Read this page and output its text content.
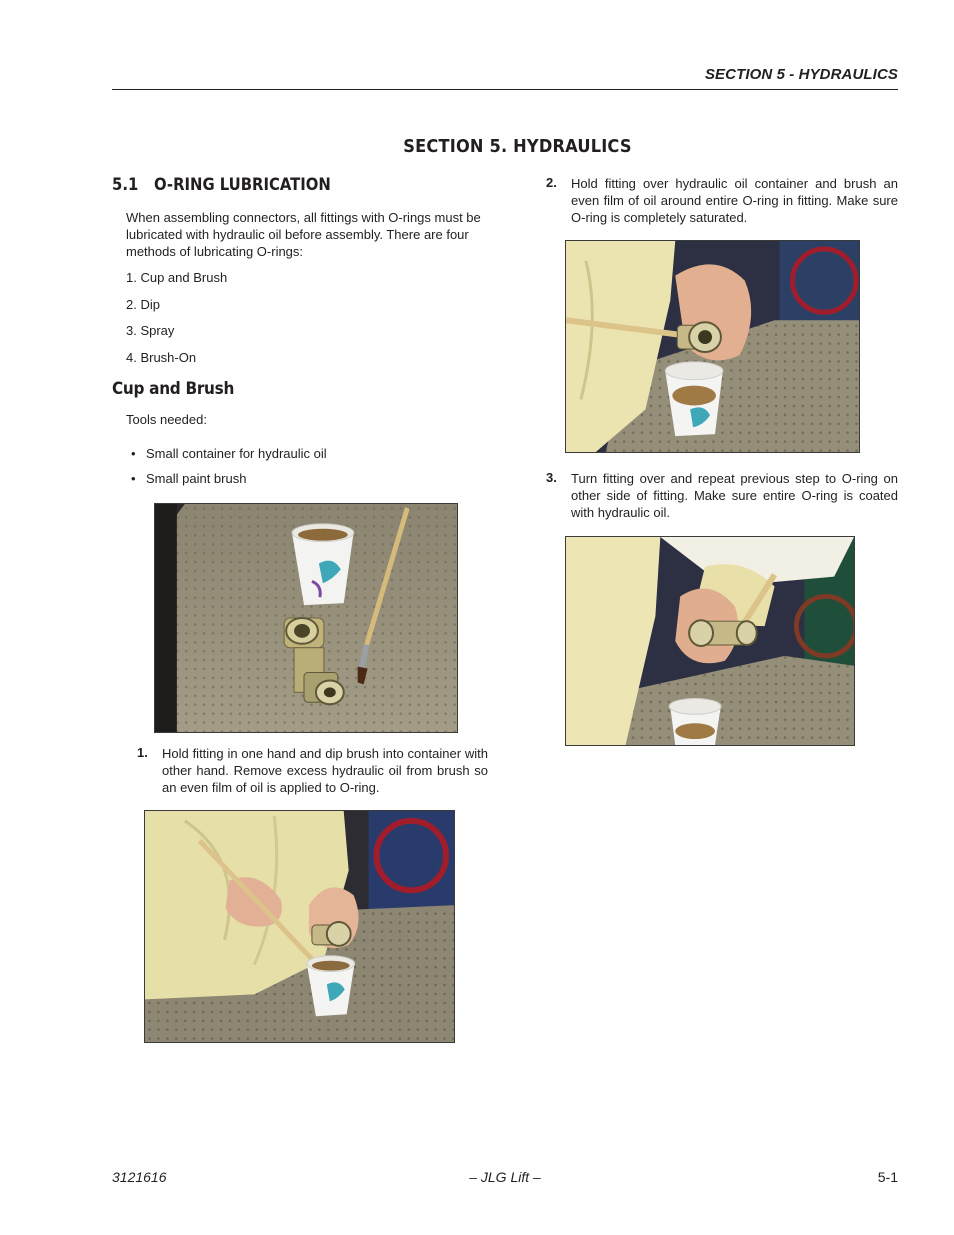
SECTION 5 - HYDRAULICS
SECTION 5. HYDRAULICS
5.1 O-RING LUBRICATION
When assembling connectors, all fittings with O-rings must be lubricated with hydraulic oil before assembly. There are four methods of lubricating O-rings:
1. Cup and Brush
2. Dip
3. Spray
4. Brush-On
Cup and Brush
Tools needed:
• Small container for hydraulic oil
• Small paint brush
1.	Hold fitting in one hand and dip brush into container with other hand. Remove excess hydraulic oil from brush so an even film of oil is applied to O-ring.
2.	Hold fitting over hydraulic oil container and brush an even film of oil around entire O-ring in fitting. Make sure O-ring is completely saturated.
3.	Turn fitting over and repeat previous step to O-ring on other side of fitting. Make sure entire O-ring is coated with hydraulic oil.
3121616	– JLG Lift –	5-1
